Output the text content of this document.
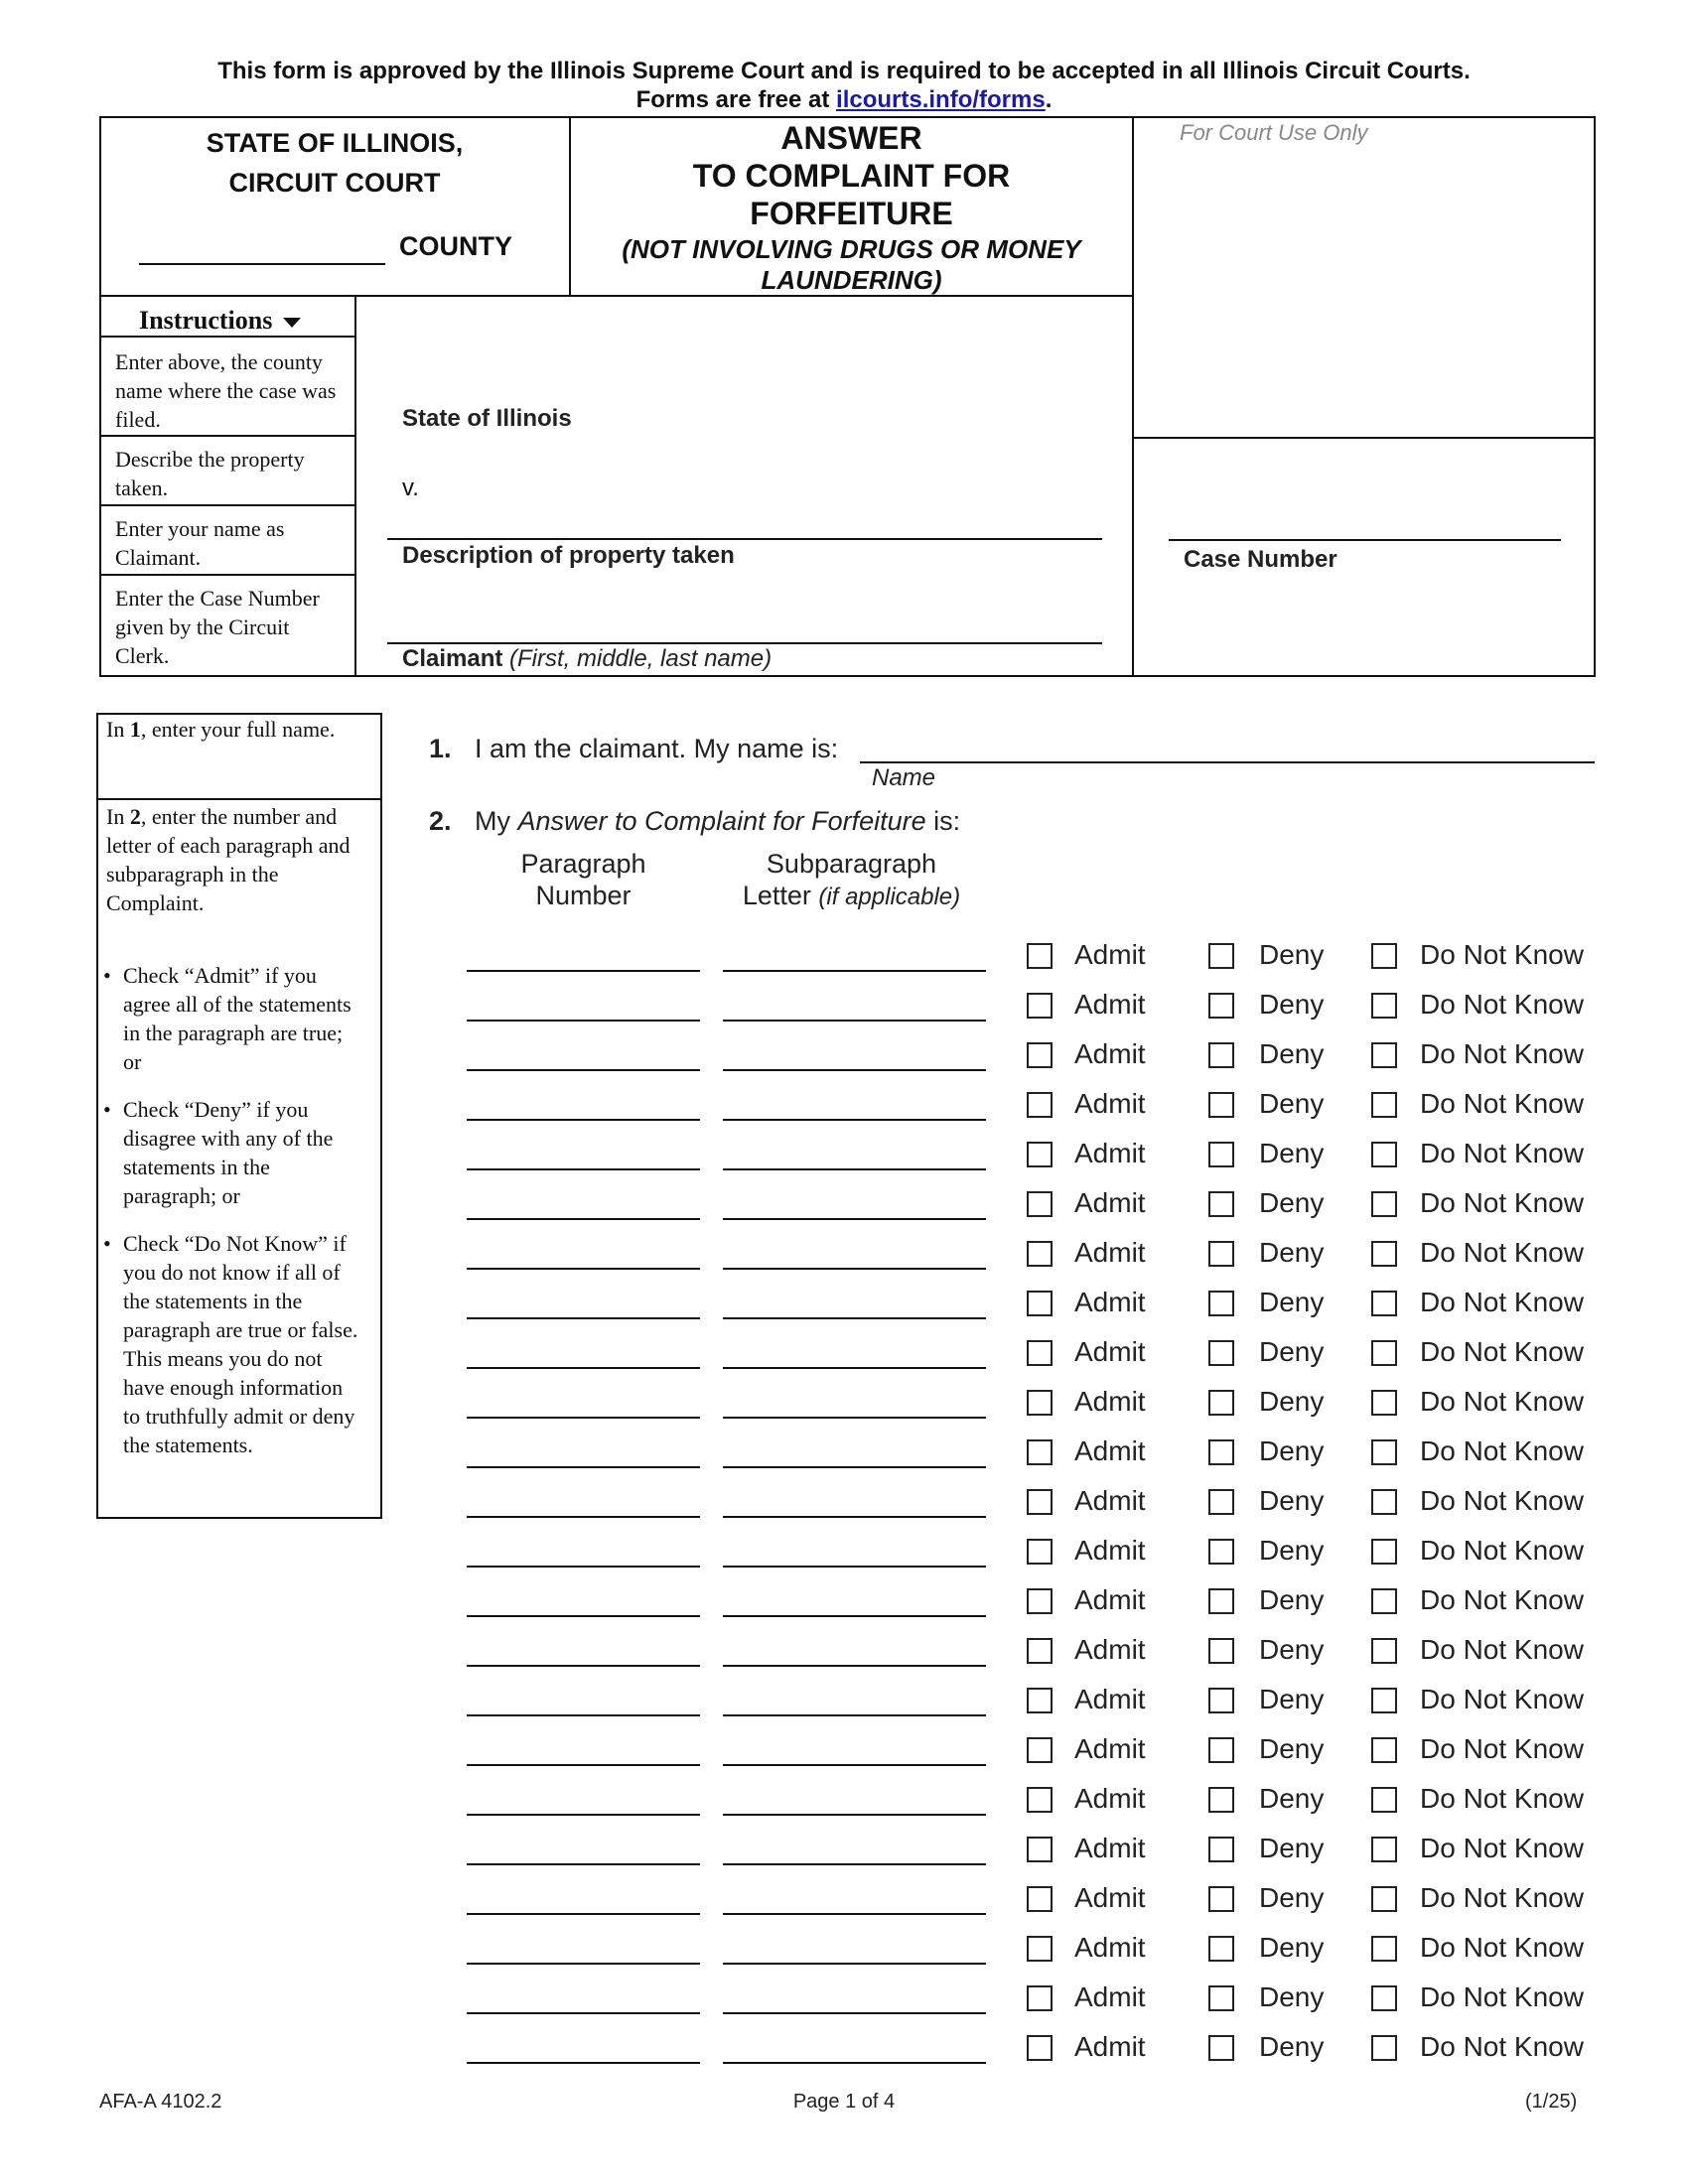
This form is approved by the Illinois Supreme Court and is required to be accepted in all Illinois Circuit Courts.
Forms are free at ilcourts.info/forms.
STATE OF ILLINOIS,
CIRCUIT COURT
COUNTY
ANSWER
TO COMPLAINT FOR
FORFEITURE
(NOT INVOLVING DRUGS OR MONEY
LAUNDERING)
For Court Use Only
Instructions
Enter above, the county name where the case was filed.
Describe the property taken.
Enter your name as Claimant.
Enter the Case Number given by the Circuit Clerk.
State of Illinois
v.
Description of property taken
Claimant (First, middle, last name)
Case Number
In 1, enter your full name.
In 2, enter the number and letter of each paragraph and subparagraph in the Complaint.
• Check “Admit” if you agree all of the statements in the paragraph are true; or
• Check “Deny” if you disagree with any of the statements in the paragraph; or
• Check “Do Not Know” if you do not know if all of the statements in the paragraph are true or false. This means you do not have enough information to truthfully admit or deny the statements.
1. I am the claimant. My name is:
Name
2. My Answer to Complaint for Forfeiture is:
Paragraph
Number
Subparagraph
Letter (if applicable)
Admit	Deny	Do Not Know
Admit	Deny	Do Not Know
Admit	Deny	Do Not Know
Admit	Deny	Do Not Know
Admit	Deny	Do Not Know
Admit	Deny	Do Not Know
Admit	Deny	Do Not Know
Admit	Deny	Do Not Know
Admit	Deny	Do Not Know
Admit	Deny	Do Not Know
Admit	Deny	Do Not Know
Admit	Deny	Do Not Know
Admit	Deny	Do Not Know
Admit	Deny	Do Not Know
Admit	Deny	Do Not Know
Admit	Deny	Do Not Know
Admit	Deny	Do Not Know
Admit	Deny	Do Not Know
Admit	Deny	Do Not Know
Admit	Deny	Do Not Know
Admit	Deny	Do Not Know
Admit	Deny	Do Not Know
Admit	Deny	Do Not Know
AFA-A 4102.2	Page 1 of 4	(1/25)
